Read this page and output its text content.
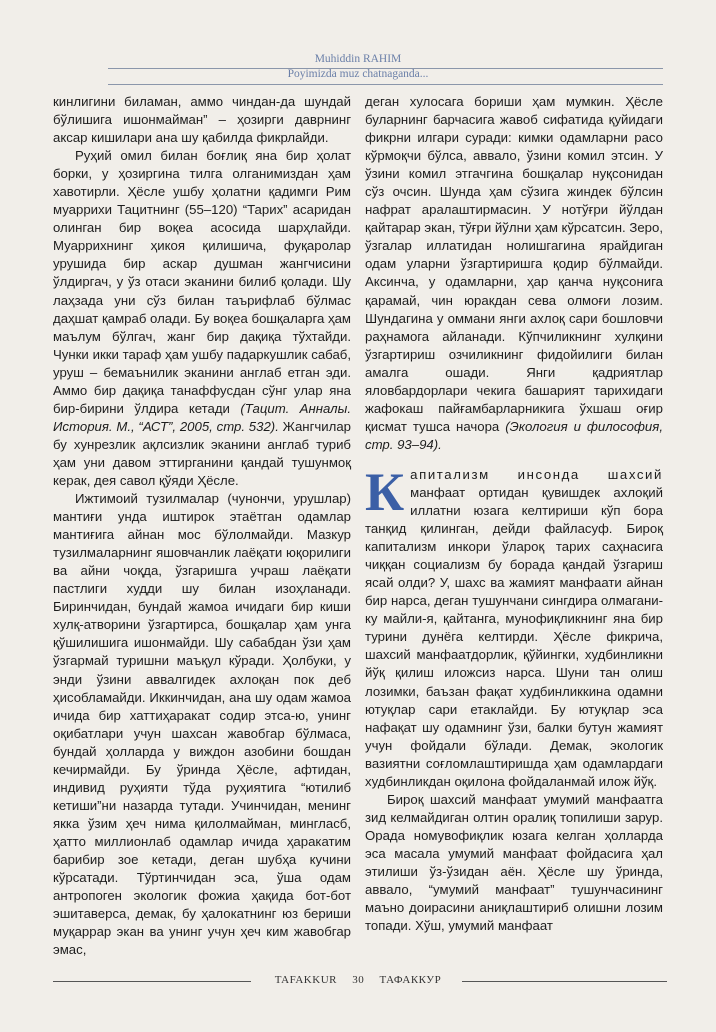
Muhiddin RAHIM
Poyimizda muz chatnaganda...

кинлигини биламан, аммо чиндан-да шундай бўлишига ишонмайман” – ҳозирги даврнинг аксар кишилари ана шу қабилда фикрлайди.

Руҳий омил билан боғлиқ яна бир ҳолат борки, у ҳозиргина тилга олганимиздан ҳам хавотирли. Ҳёсле ушбу ҳолатни қадимги Рим муаррихи Тацитнинг (55–120) “Тарих” асаридан олинган бир воқеа асосида шарҳлайди. Муаррихнинг ҳикоя қилишича, фуқаролар урушида бир аскар душман жангчисини ўлдиргач, у ўз отаси эканини билиб қолади. Шу лаҳзада уни сўз билан таърифлаб бўлмас даҳшат қамраб олади. Бу воқеа бошқаларга ҳам маълум бўлгач, жанг бир дақиқа тўхтайди. Чунки икки тараф ҳам ушбу падаркушлик сабаб, уруш – бемаънилик эканини англаб етган эди. Аммо бир дақиқа танаффусдан сўнг улар яна бир-бирини ўлдира кетади (Тацит. Анналы. История. М., “АСТ”, 2005, стр. 532). Жангчилар бу хунрезлик ақлсизлик эканини англаб туриб ҳам уни давом эттирганини қандай тушунмоқ керак, дея савол қўяди Ҳёсле.

Ижтимоий тузилмалар (чунончи, урушлар) мантиғи унда иштирок этаётган одамлар мантиғига айнан мос бўлолмайди. Мазкур тузилмаларнинг яшовчанлик лаёқати юқорилиги ва айни чоқда, ўзгаришга учраш лаёқати пастлиги худди шу билан изоҳланади. Биринчидан, бундай жамоа ичидаги бир киши хулқ-атворини ўзгартирса, бошқалар ҳам унга қўшилишига ишонмайди. Шу сабабдан ўзи ҳам ўзгармай туришни маъқул кўради. Ҳолбуки, у энди ўзини аввалгидек ахлоқан пок деб ҳисобламайди. Иккинчидан, ана шу одам жамоа ичида бир хаттиҳаракат содир этса-ю, унинг оқибатлари учун шахсан жавобгар бўлмаса, бундай ҳолларда у виждон азобини бошдан кечирмайди. Бу ўринда Ҳёсле, афтидан, индивид руҳияти тўда руҳиятига “ютилиб кетиши”ни назарда тутади. Учинчидан, менинг якка ўзим ҳеч нима қилолмайман, мингласб, ҳатто миллионлаб одамлар ичида ҳаракатим барибир зое кетади, деган шубҳа кучини кўрсатади. Тўртинчидан эса, ўша одам антропоген экологик фожиа ҳақида бот-бот эшитаверса, демак, бу ҳалокатнинг юз бериши муқаррар экан ва унинг учун ҳеч ким жавобгар эмас,

деган хулосага бориши ҳам мумкин. Ҳёсле буларнинг барчасига жавоб сифатида қуйидаги фикрни илгари суради: кимки одамларни расо кўрмоқчи бўлса, аввало, ўзини комил этсин. У ўзини комил этгачгина бошқалар нуқсонидан сўз очсин. Шунда ҳам сўзига жиндек бўлсин нафрат аралаштирмасин. У нотўғри йўлдан қайтарар экан, тўғри йўлни ҳам кўрсатсин. Зеро, ўзгалар иллатидан нолишгагина ярайдиган одам уларни ўзгартиришга қодир бўлмайди. Аксинча, у одамларни, ҳар қанча нуқсонига қарамай, чин юракдан сева олмоғи лозим. Шундагина у оммани янги ахлоқ сари бошловчи раҳнамога айланади. Кўпчиликнинг хулқини ўзгартириш озчиликнинг фидойилиги билан амалга ошади. Янги қадриятлар яловбардорлари чекига башарият тарихидаги жафокаш пайғамбарларникига ўхшаш оғир қисмат тушса начора (Экология и философия, стр. 93–94).

Капитализм инсонда шахсий манфаат ортидан қувишдек ахлоқий иллатни юзага келтириши кўп бора танқид қилинган, дейди файласуф. Бироқ капитализм инкори ўлароқ тарих саҳнасига чиққан социализм бу борада қандай ўзгариш ясай олди? У, шахс ва жамият манфаати айнан бир нарса, деган тушунчани сингдира олмагани-ку майли-я, қайтанга, мунофиқликнинг яна бир турини дунёга келтирди. Ҳёсле фикрича, шахсий манфаатдорлик, қўйингки, худбинликни йўқ қилиш иложсиз нарса. Шуни тан олиш лозимки, баъзан фақат худбинликкина одамни ютуқлар сари етаклайди. Бу ютуқлар эса нафақат шу одамнинг ўзи, балки бутун жамият учун фойдали бўлади. Демак, экологик вазиятни соғломлаштиришда ҳам одамлардаги худбинликдан оқилона фойдаланмай илож йўқ.

Бироқ шахсий манфаат умумий манфаатга зид келмайдиган олтин оралиқ топилиши зарур. Орада номувофиқлик юзага келган ҳолларда эса масала умумий манфаат фойдасига ҳал этилиши ўз-ўзидан аён. Ҳёсле шу ўринда, аввало, “умумий манфаат” тушунчасининг маъно доирасини аниқлаштириб олишни лозим топади. Хўш, умумий манфаат

TAFAKKUR 30 ТАФАККУР
